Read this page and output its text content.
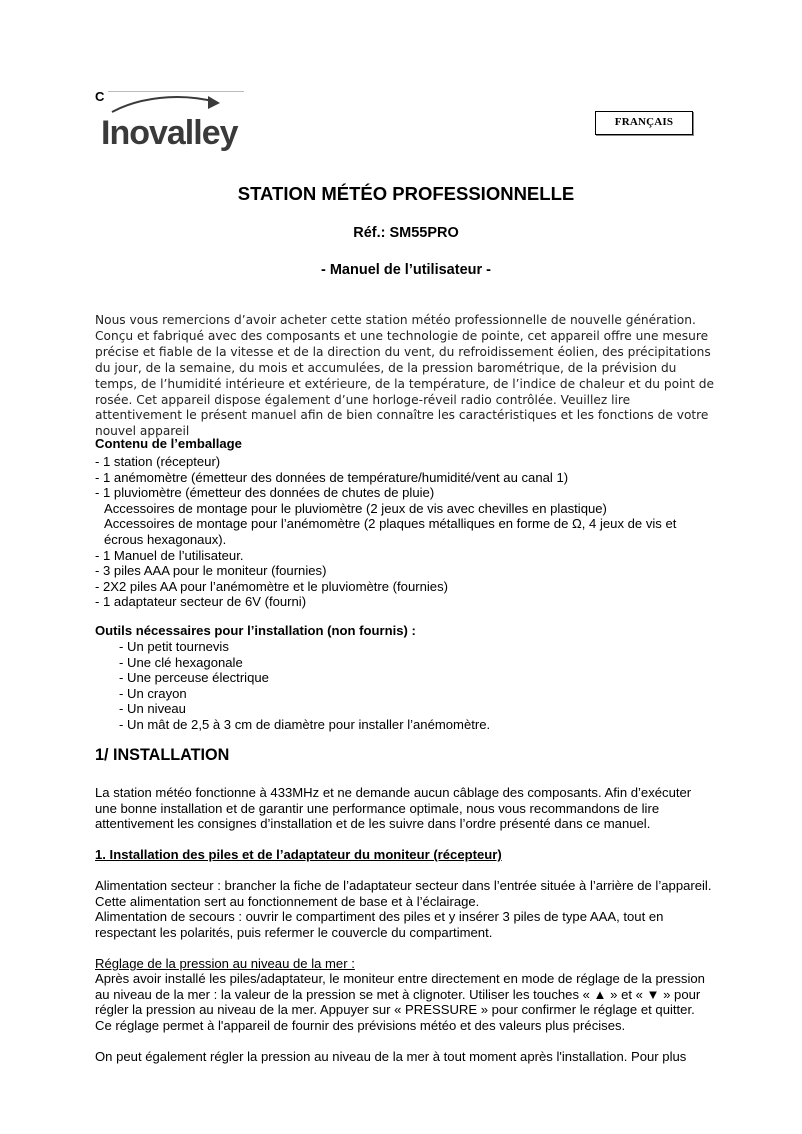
C
Inovalley	FRANÇAIS
STATION MÉTÉO PROFESSIONNELLE
Réf.: SM55PRO
- Manuel de l’utilisateur -
Nous vous remercions d’avoir acheter cette station météo professionnelle de nouvelle génération. Conçu et fabriqué avec des composants et une technologie de pointe, cet appareil offre une mesure précise et fiable de la vitesse et de la direction du vent, du refroidissement éolien, des précipitations du jour, de la semaine, du mois et accumulées, de la pression barométrique, de la prévision du temps, de l’humidité intérieure et extérieure, de la température, de l’indice de chaleur et du point de rosée. Cet appareil dispose également d’une horloge-réveil radio contrôlée. Veuillez lire attentivement le présent manuel afin de bien connaître les caractéristiques et les fonctions de votre nouvel appareil
Contenu de l’emballage
- 1 station (récepteur)
- 1 anémomètre (émetteur des données de température/humidité/vent au canal 1)
- 1 pluviomètre (émetteur des données de chutes de pluie)
Accessoires de montage pour le pluviomètre (2 jeux de vis avec chevilles en plastique)
Accessoires de montage pour l’anémomètre (2 plaques métalliques en forme de Ω, 4 jeux de vis et écrous hexagonaux).
- 1 Manuel de l’utilisateur.
- 3 piles AAA pour le moniteur (fournies)
- 2X2 piles AA pour l’anémomètre et le pluviomètre (fournies)
- 1 adaptateur secteur de 6V (fourni)
Outils nécessaires pour l’installation (non fournis) :
- Un petit tournevis
- Une clé hexagonale
- Une perceuse électrique
- Un crayon
- Un niveau
- Un mât de 2,5 à 3 cm de diamètre pour installer l’anémomètre.
1/ INSTALLATION
La station météo fonctionne à 433MHz et ne demande aucun câblage des composants. Afin d’exécuter une bonne installation et de garantir une performance optimale, nous vous recommandons de lire attentivement les consignes d’installation et de les suivre dans l’ordre présenté dans ce manuel.
1. Installation des piles et de l’adaptateur du moniteur (récepteur)
Alimentation secteur : brancher la fiche de l’adaptateur secteur dans l’entrée située à l’arrière de l’appareil. Cette alimentation sert au fonctionnement de base et à l’éclairage.
Alimentation de secours : ouvrir le compartiment des piles et y insérer 3 piles de type AAA, tout en respectant les polarités, puis refermer le couvercle du compartiment.
Réglage de la pression au niveau de la mer :
Après avoir installé les piles/adaptateur, le moniteur entre directement en mode de réglage de la pression au niveau de la mer : la valeur de la pression se met à clignoter. Utiliser les touches « ▲ » et « ▼ » pour régler la pression au niveau de la mer. Appuyer sur « PRESSURE » pour confirmer le réglage et quitter. Ce réglage permet à l'appareil de fournir des prévisions météo et des valeurs plus précises.
On peut également régler la pression au niveau de la mer à tout moment après l'installation. Pour plus
